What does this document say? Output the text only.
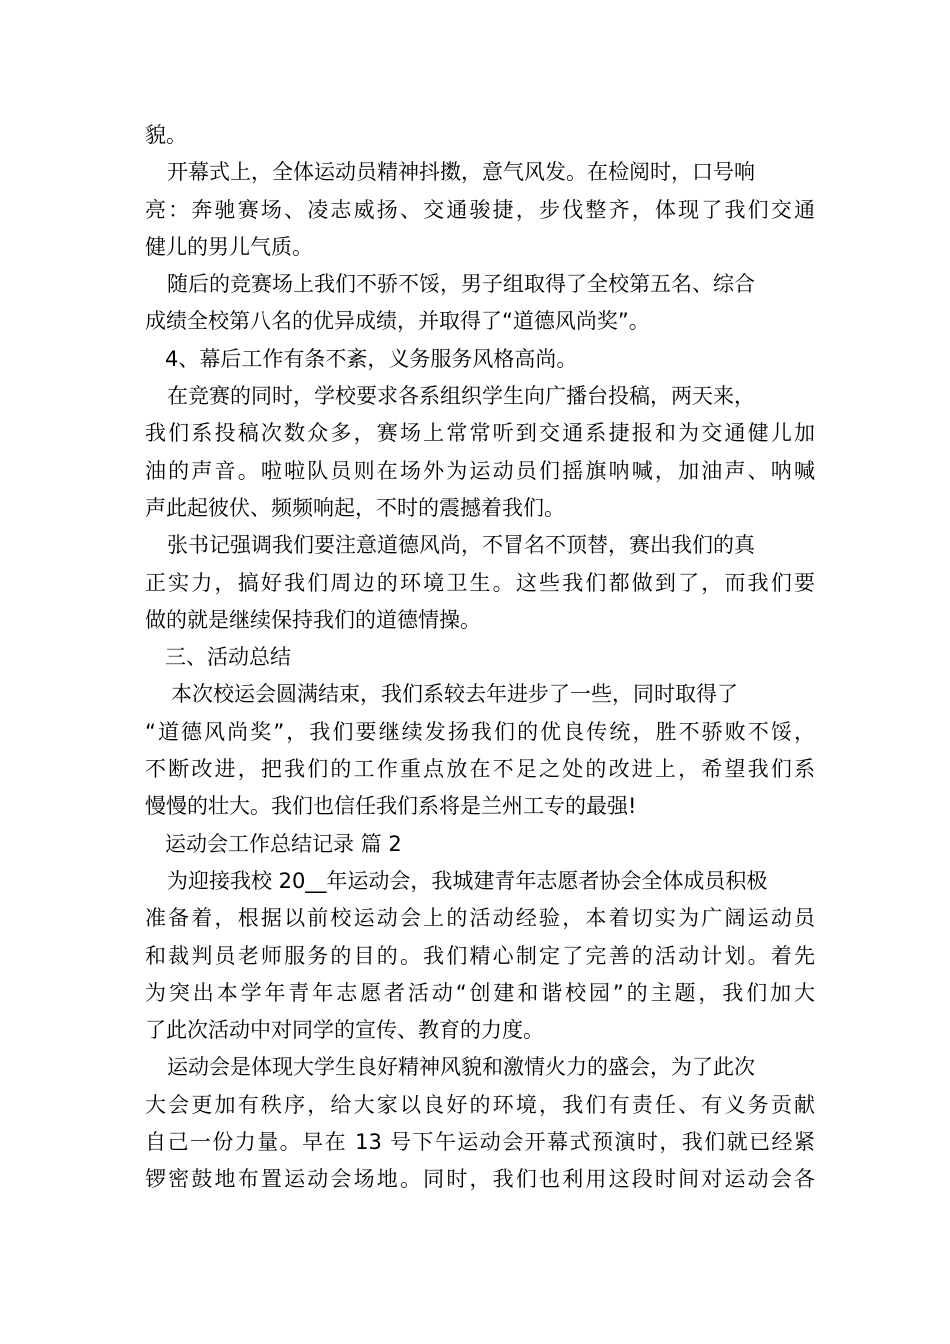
貌。
开幕式上，全体运动员精神抖擞，意气风发。在检阅时，口号响
亮：奔驰赛场、凌志威扬、交通骏捷，步伐整齐，体现了我们交通
健儿的男儿气质。
随后的竞赛场上我们不骄不馁，男子组取得了全校第五名、综合
成绩全校第八名的优异成绩，并取得了“道德风尚奖”。
4、幕后工作有条不紊，义务服务风格高尚。
在竞赛的同时，学校要求各系组织学生向广播台投稿，两天来，
我们系投稿次数众多，赛场上常常听到交通系捷报和为交通健儿加
油的声音。啦啦队员则在场外为运动员们摇旗呐喊，加油声、呐喊
声此起彼伏、频频响起，不时的震撼着我们。
张书记强调我们要注意道德风尚，不冒名不顶替，赛出我们的真
正实力，搞好我们周边的环境卫生。这些我们都做到了，而我们要
做的就是继续保持我们的道德情操。
三、活动总结
本次校运会圆满结束，我们系较去年进步了一些，同时取得了
“道德风尚奖”，我们要继续发扬我们的优良传统，胜不骄败不馁，
不断改进，把我们的工作重点放在不足之处的改进上，希望我们系
慢慢的壮大。我们也信任我们系将是兰州工专的最强!
运动会工作总结记录 篇 2
为迎接我校 20__年运动会，我城建青年志愿者协会全体成员积极
准备着，根据以前校运动会上的活动经验，本着切实为广阔运动员
和裁判员老师服务的目的。我们精心制定了完善的活动计划。着先
为突出本学年青年志愿者活动“创建和谐校园”的主题，我们加大
了此次活动中对同学的宣传、教育的力度。
运动会是体现大学生良好精神风貌和激情火力的盛会，为了此次
大会更加有秩序，给大家以良好的环境，我们有责任、有义务贡献
自己一份力量。早在 13 号下午运动会开幕式预演时，我们就已经紧
锣密鼓地布置运动会场地。同时，我们也利用这段时间对运动会各
